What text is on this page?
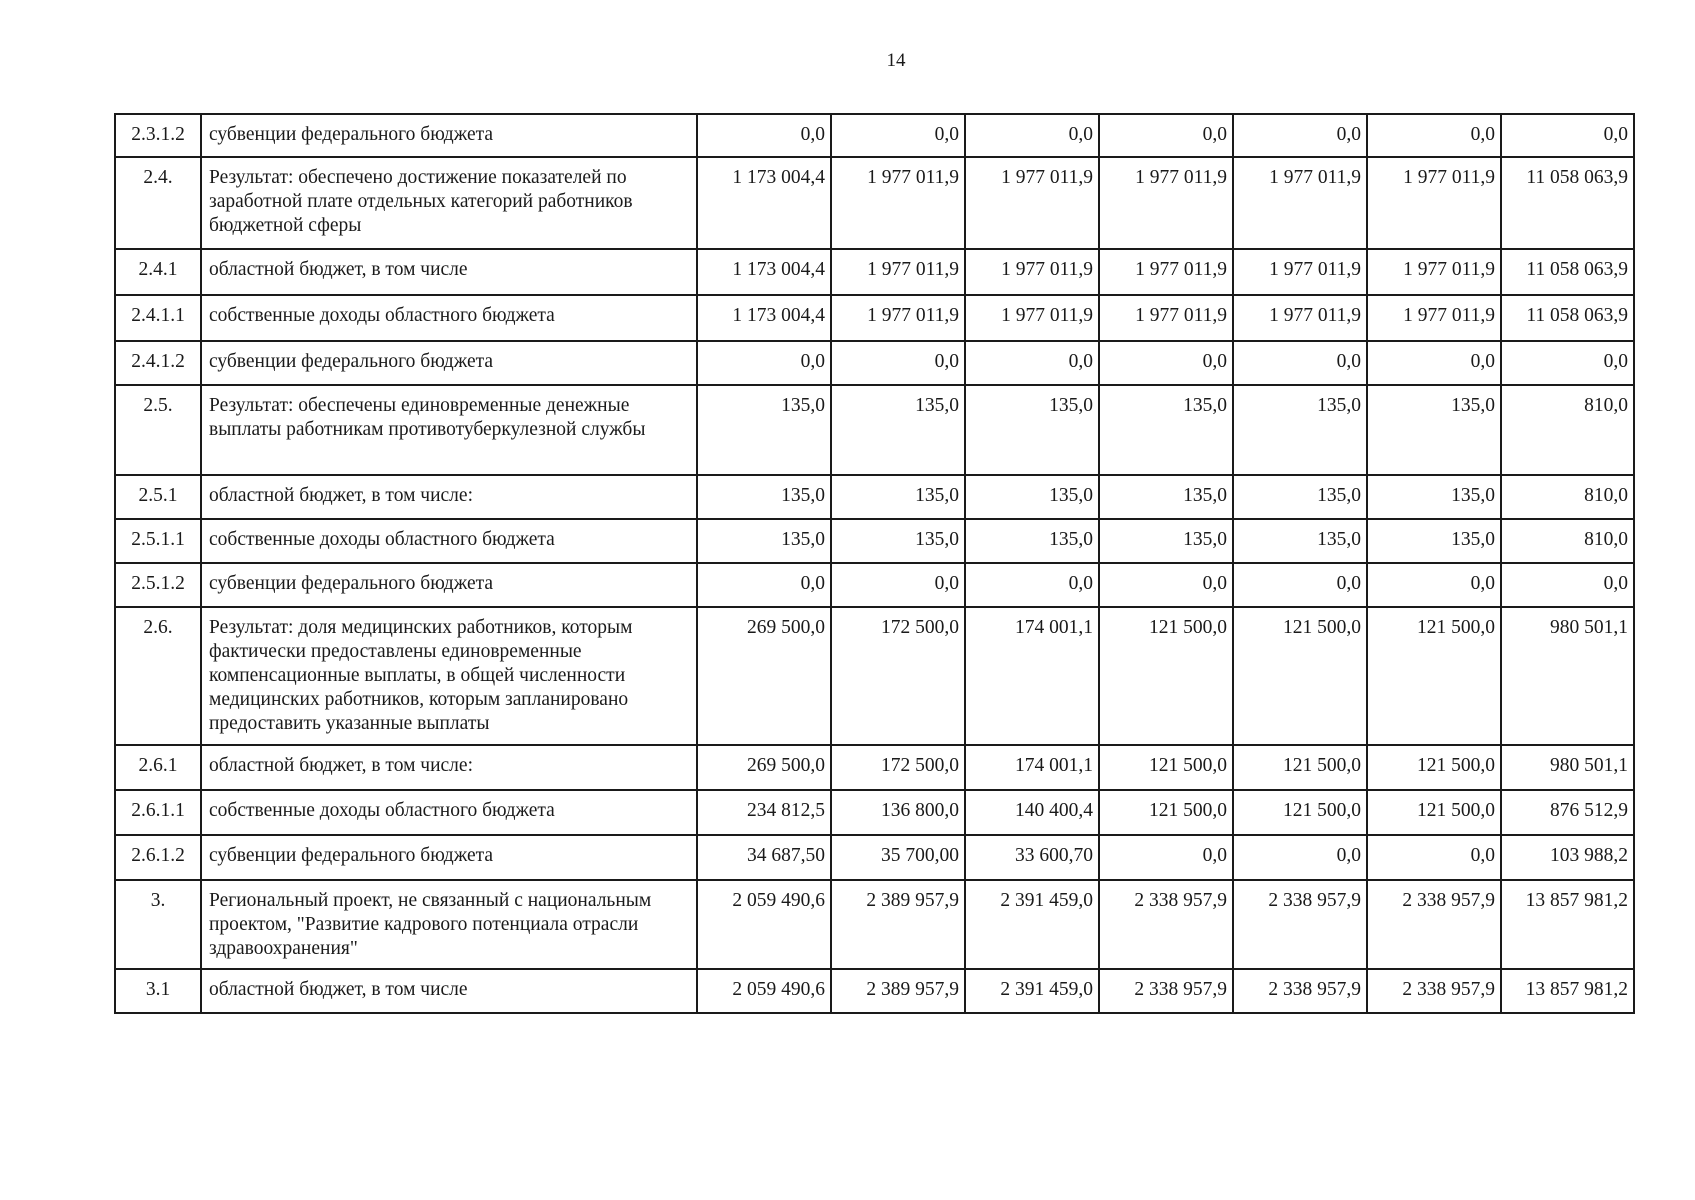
14
2.3.1.2	субвенции федерального бюджета	0,0	0,0	0,0	0,0	0,0	0,0	0,0
2.4.	Результат: обеспечено достижение показателей по заработной плате отдельных категорий работников бюджетной сферы	1 173 004,4	1 977 011,9	1 977 011,9	1 977 011,9	1 977 011,9	1 977 011,9	11 058 063,9
2.4.1	областной бюджет, в том числе	1 173 004,4	1 977 011,9	1 977 011,9	1 977 011,9	1 977 011,9	1 977 011,9	11 058 063,9
2.4.1.1	собственные доходы областного бюджета	1 173 004,4	1 977 011,9	1 977 011,9	1 977 011,9	1 977 011,9	1 977 011,9	11 058 063,9
2.4.1.2	субвенции федерального бюджета	0,0	0,0	0,0	0,0	0,0	0,0	0,0
2.5.	Результат: обеспечены единовременные денежные выплаты работникам противотуберкулезной службы	135,0	135,0	135,0	135,0	135,0	135,0	810,0
2.5.1	областной бюджет, в том числе:	135,0	135,0	135,0	135,0	135,0	135,0	810,0
2.5.1.1	собственные доходы областного бюджета	135,0	135,0	135,0	135,0	135,0	135,0	810,0
2.5.1.2	субвенции федерального бюджета	0,0	0,0	0,0	0,0	0,0	0,0	0,0
2.6.	Результат: доля медицинских работников, которым фактически предоставлены единовременные компенсационные выплаты, в общей численности медицинских работников, которым запланировано предоставить указанные выплаты	269 500,0	172 500,0	174 001,1	121 500,0	121 500,0	121 500,0	980 501,1
2.6.1	областной бюджет, в том числе:	269 500,0	172 500,0	174 001,1	121 500,0	121 500,0	121 500,0	980 501,1
2.6.1.1	собственные доходы областного бюджета	234 812,5	136 800,0	140 400,4	121 500,0	121 500,0	121 500,0	876 512,9
2.6.1.2	субвенции федерального бюджета	34 687,50	35 700,00	33 600,70	0,0	0,0	0,0	103 988,2
3.	Региональный проект, не связанный с национальным проектом, "Развитие кадрового потенциала отрасли здравоохранения"	2 059 490,6	2 389 957,9	2 391 459,0	2 338 957,9	2 338 957,9	2 338 957,9	13 857 981,2
3.1	областной бюджет, в том числе	2 059 490,6	2 389 957,9	2 391 459,0	2 338 957,9	2 338 957,9	2 338 957,9	13 857 981,2
